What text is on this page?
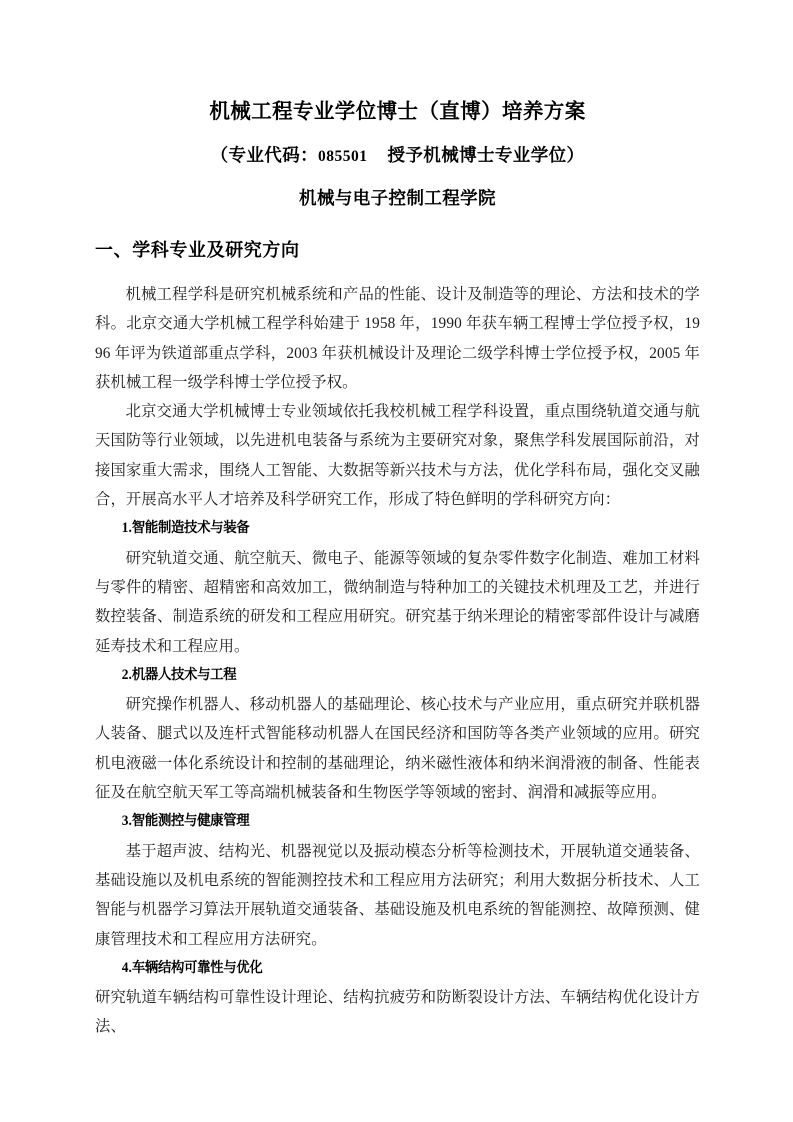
机械工程专业学位博士（直博）培养方案
（专业代码：085501 授予机械博士专业学位）
机械与电子控制工程学院
一、学科专业及研究方向

机械工程学科是研究机械系统和产品的性能、设计及制造等的理论、方法和技术的学科。北京交通大学机械工程学科始建于 1958 年，1990 年获车辆工程博士学位授予权，1996 年评为铁道部重点学科，2003 年获机械设计及理论二级学科博士学位授予权，2005 年获机械工程一级学科博士学位授予权。

北京交通大学机械博士专业领域依托我校机械工程学科设置，重点围绕轨道交通与航天国防等行业领域，以先进机电装备与系统为主要研究对象，聚焦学科发展国际前沿，对接国家重大需求，围绕人工智能、大数据等新兴技术与方法，优化学科布局，强化交叉融合，开展高水平人才培养及科学研究工作，形成了特色鲜明的学科研究方向：

1.智能制造技术与装备

研究轨道交通、航空航天、微电子、能源等领域的复杂零件数字化制造、难加工材料与零件的精密、超精密和高效加工，微纳制造与特种加工的关键技术机理及工艺，并进行数控装备、制造系统的研发和工程应用研究。研究基于纳米理论的精密零部件设计与减磨延寿技术和工程应用。

2.机器人技术与工程

研究操作机器人、移动机器人的基础理论、核心技术与产业应用，重点研究并联机器人装备、腿式以及连杆式智能移动机器人在国民经济和国防等各类产业领域的应用。研究机电液磁一体化系统设计和控制的基础理论，纳米磁性液体和纳米润滑液的制备、性能表征及在航空航天军工等高端机械装备和生物医学等领域的密封、润滑和减振等应用。

3.智能测控与健康管理

基于超声波、结构光、机器视觉以及振动模态分析等检测技术，开展轨道交通装备、基础设施以及机电系统的智能测控技术和工程应用方法研究；利用大数据分析技术、人工智能与机器学习算法开展轨道交通装备、基础设施及机电系统的智能测控、故障预测、健康管理技术和工程应用方法研究。

4.车辆结构可靠性与优化

研究轨道车辆结构可靠性设计理论、结构抗疲劳和防断裂设计方法、车辆结构优化设计方法、
